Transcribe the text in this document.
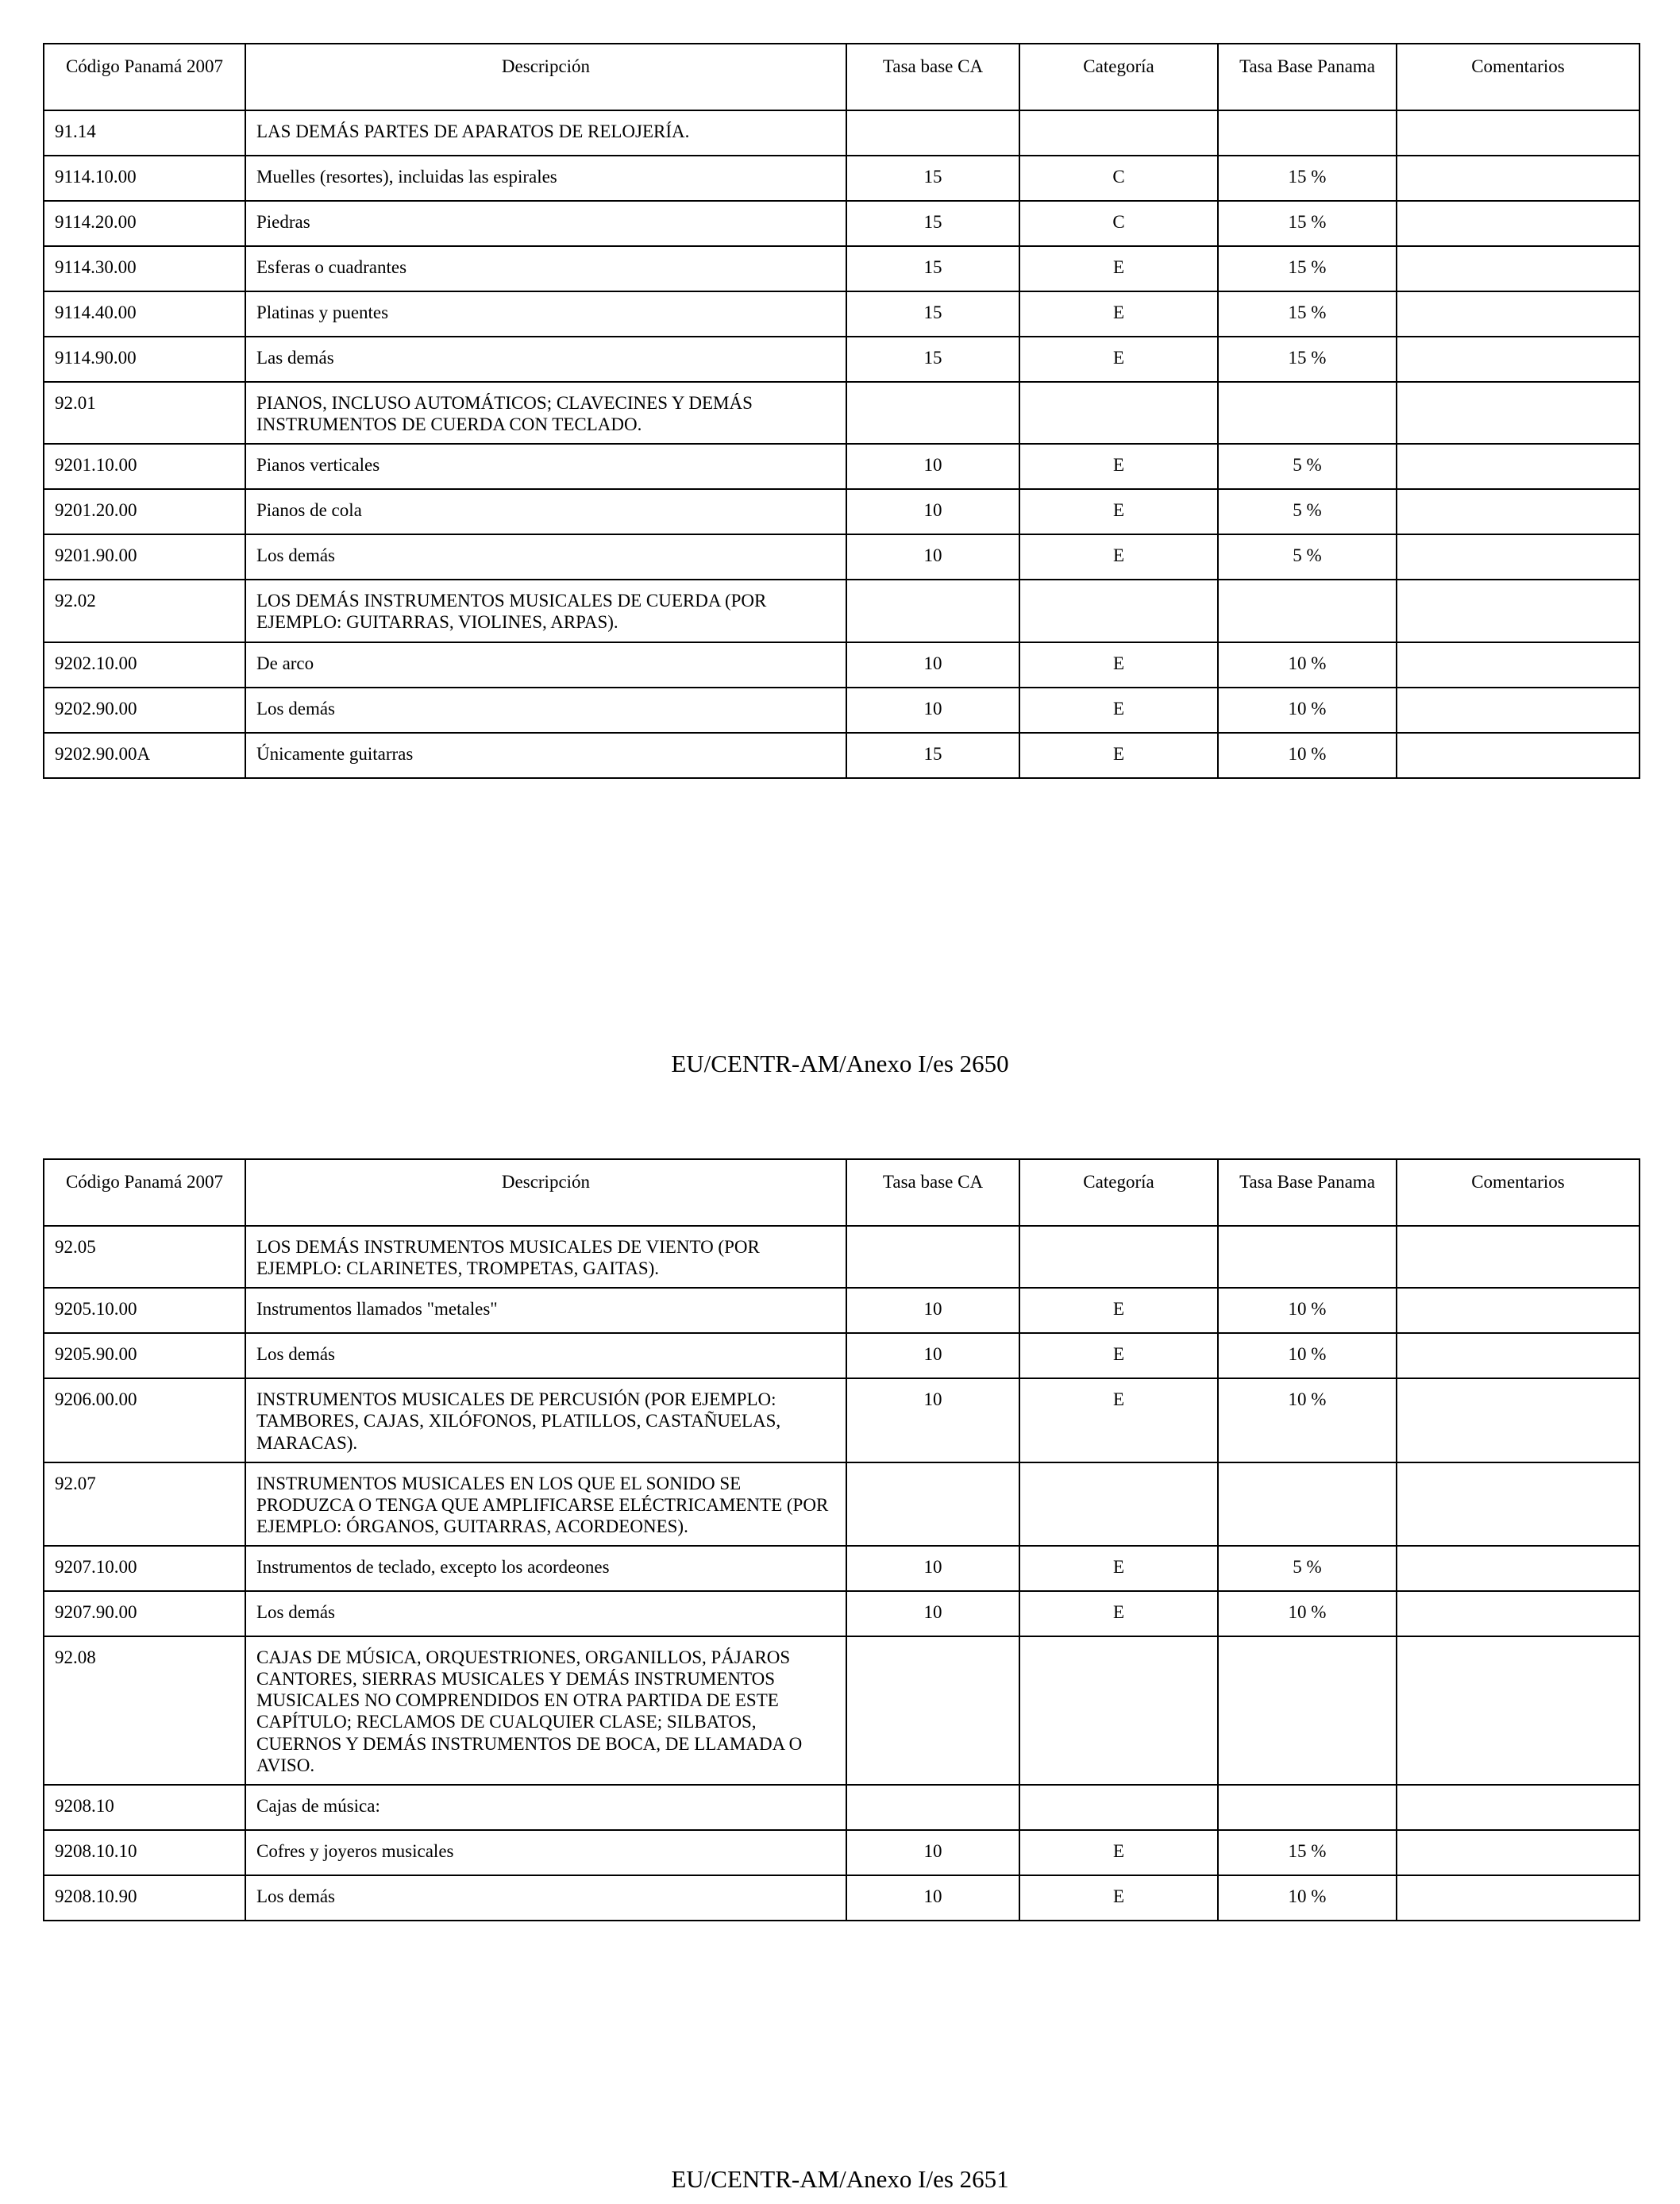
Código Panamá 2007	Descripción	Tasa base CA	Categoría	Tasa Base Panama	Comentarios
91.14	LAS DEMÁS PARTES DE APARATOS DE RELOJERÍA.				
9114.10.00	Muelles (resortes), incluidas las espirales	15	C	15 %	
9114.20.00	Piedras	15	C	15 %	
9114.30.00	Esferas o cuadrantes	15	E	15 %	
9114.40.00	Platinas y puentes	15	E	15 %	
9114.90.00	Las demás	15	E	15 %	
92.01	PIANOS, INCLUSO AUTOMÁTICOS; CLAVECINES Y DEMÁS INSTRUMENTOS DE CUERDA CON TECLADO.				
9201.10.00	Pianos verticales	10	E	5 %	
9201.20.00	Pianos de cola	10	E	5 %	
9201.90.00	Los demás	10	E	5 %	
92.02	LOS DEMÁS INSTRUMENTOS MUSICALES DE CUERDA (POR EJEMPLO: GUITARRAS, VIOLINES, ARPAS).				
9202.10.00	De arco	10	E	10 %	
9202.90.00	Los demás	10	E	10 %	
9202.90.00A	Únicamente guitarras	15	E	10 %	
EU/CENTR-AM/Anexo I/es 2650
Código Panamá 2007	Descripción	Tasa base CA	Categoría	Tasa Base Panama	Comentarios
92.05	LOS DEMÁS INSTRUMENTOS MUSICALES DE VIENTO (POR EJEMPLO: CLARINETES, TROMPETAS, GAITAS).				
9205.10.00	Instrumentos llamados "metales"	10	E	10 %	
9205.90.00	Los demás	10	E	10 %	
9206.00.00	INSTRUMENTOS MUSICALES DE PERCUSIÓN (POR EJEMPLO: TAMBORES, CAJAS, XILÓFONOS, PLATILLOS, CASTAÑUELAS, MARACAS).	10	E	10 %	
92.07	INSTRUMENTOS MUSICALES EN LOS QUE EL SONIDO SE PRODUZCA O TENGA QUE AMPLIFICARSE ELÉCTRICAMENTE (POR EJEMPLO: ÓRGANOS, GUITARRAS, ACORDEONES).				
9207.10.00	Instrumentos de teclado, excepto los acordeones	10	E	5 %	
9207.90.00	Los demás	10	E	10 %	
92.08	CAJAS DE MÚSICA, ORQUESTRIONES, ORGANILLOS, PÁJAROS CANTORES, SIERRAS MUSICALES Y DEMÁS INSTRUMENTOS MUSICALES NO COMPRENDIDOS EN OTRA PARTIDA DE ESTE CAPÍTULO; RECLAMOS DE CUALQUIER CLASE; SILBATOS, CUERNOS Y DEMÁS INSTRUMENTOS DE BOCA, DE LLAMADA O AVISO.				
9208.10	Cajas de música:				
9208.10.10	Cofres y joyeros musicales	10	E	15 %	
9208.10.90	Los demás	10	E	10 %	
EU/CENTR-AM/Anexo I/es 2651
